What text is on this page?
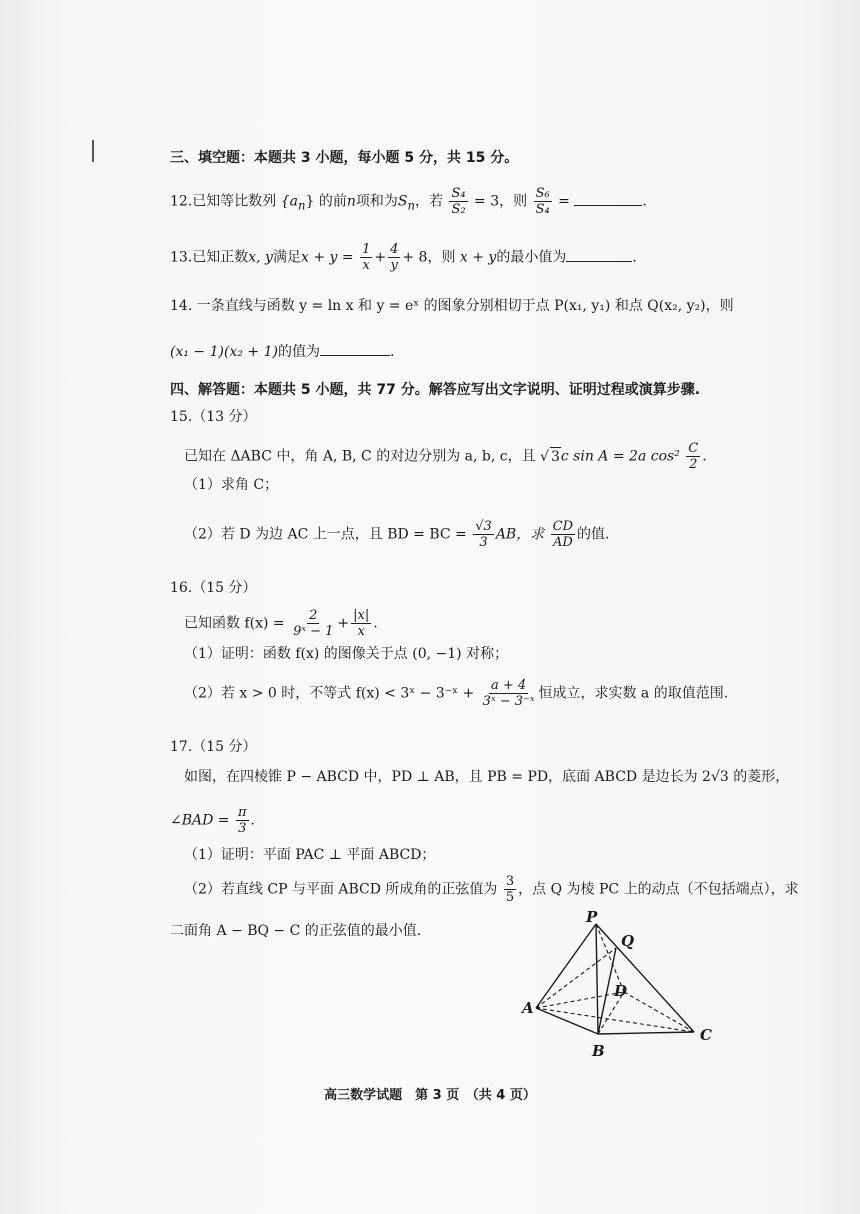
三、填空题：本题共 3 小题，每小题 5 分，共 15 分。
12.已知等比数列 $\{a_n\}$ 的前n项和为$S_n$，若 $\frac{\text{S₄}}{\text{S₂}} = 3$，则 $\frac{\text{S₆}}{\text{S₄}}$ =	.
13.已知正数x, y满足$x + y = \frac{1}{x} + \frac{4}{y} + 8$，则 x + y的最小值为	.
14. 一条直线与函数 y = ln x 和 y = eˣ 的图象分别相切于点 P(x₁, y₁) 和点 Q(x₂, y₂)，则
(x₁ − 1)(x₂ + 1)的值为	.
四、解答题：本题共 5 小题，共 77 分。解答应写出文字说明、证明过程或演算步骤.
15.（13 分）
已知在 ΔABC 中，角 A, B, C 的对边分别为 a, b, c，且 √ 3c sin A = 2a $\cos^2 \frac{C}{2}$ .
（1）求角 C；
（2）若 D 为边 AC 上一点，且 BD = BC = $\frac{√3}{3}$ AB，求 $\frac{CD}{AD}$ 的值.
16.（15 分）
已知函数 $f(x) = \frac{2}{\text{9ˣ − 1}} + \frac{|x|}{x}$ .
（1）证明：函数 f(x) 的图像关于点 (0, −1) 对称；
（2）若 x > 0 时，不等式 f(x) < 3ˣ − 3⁻ˣ + $\frac{a + 4}{\text{3ˣ − 3⁻ˣ}}$ 恒成立，求实数 a 的取值范围.
17.（15 分）
如图，在四棱锥 P − ABCD 中，PD ⊥ AB，且 PB = PD，底面 ABCD 是边长为 2√3 的菱形，
∠BAD = $\frac{\pi}{3}$ .
（1）证明：平面 PAC ⊥ 平面 ABCD；
（2）若直线 CP 与平面 ABCD 所成角的正弦值为 $\frac{3}{5}$ ，点 Q 为棱 PC 上的动点（不包括端点），求
二面角 A − BQ − C 的正弦值的最小值.
P
Q
D
A
B
C
高三数学试题　第 3 页　（共 4 页）
